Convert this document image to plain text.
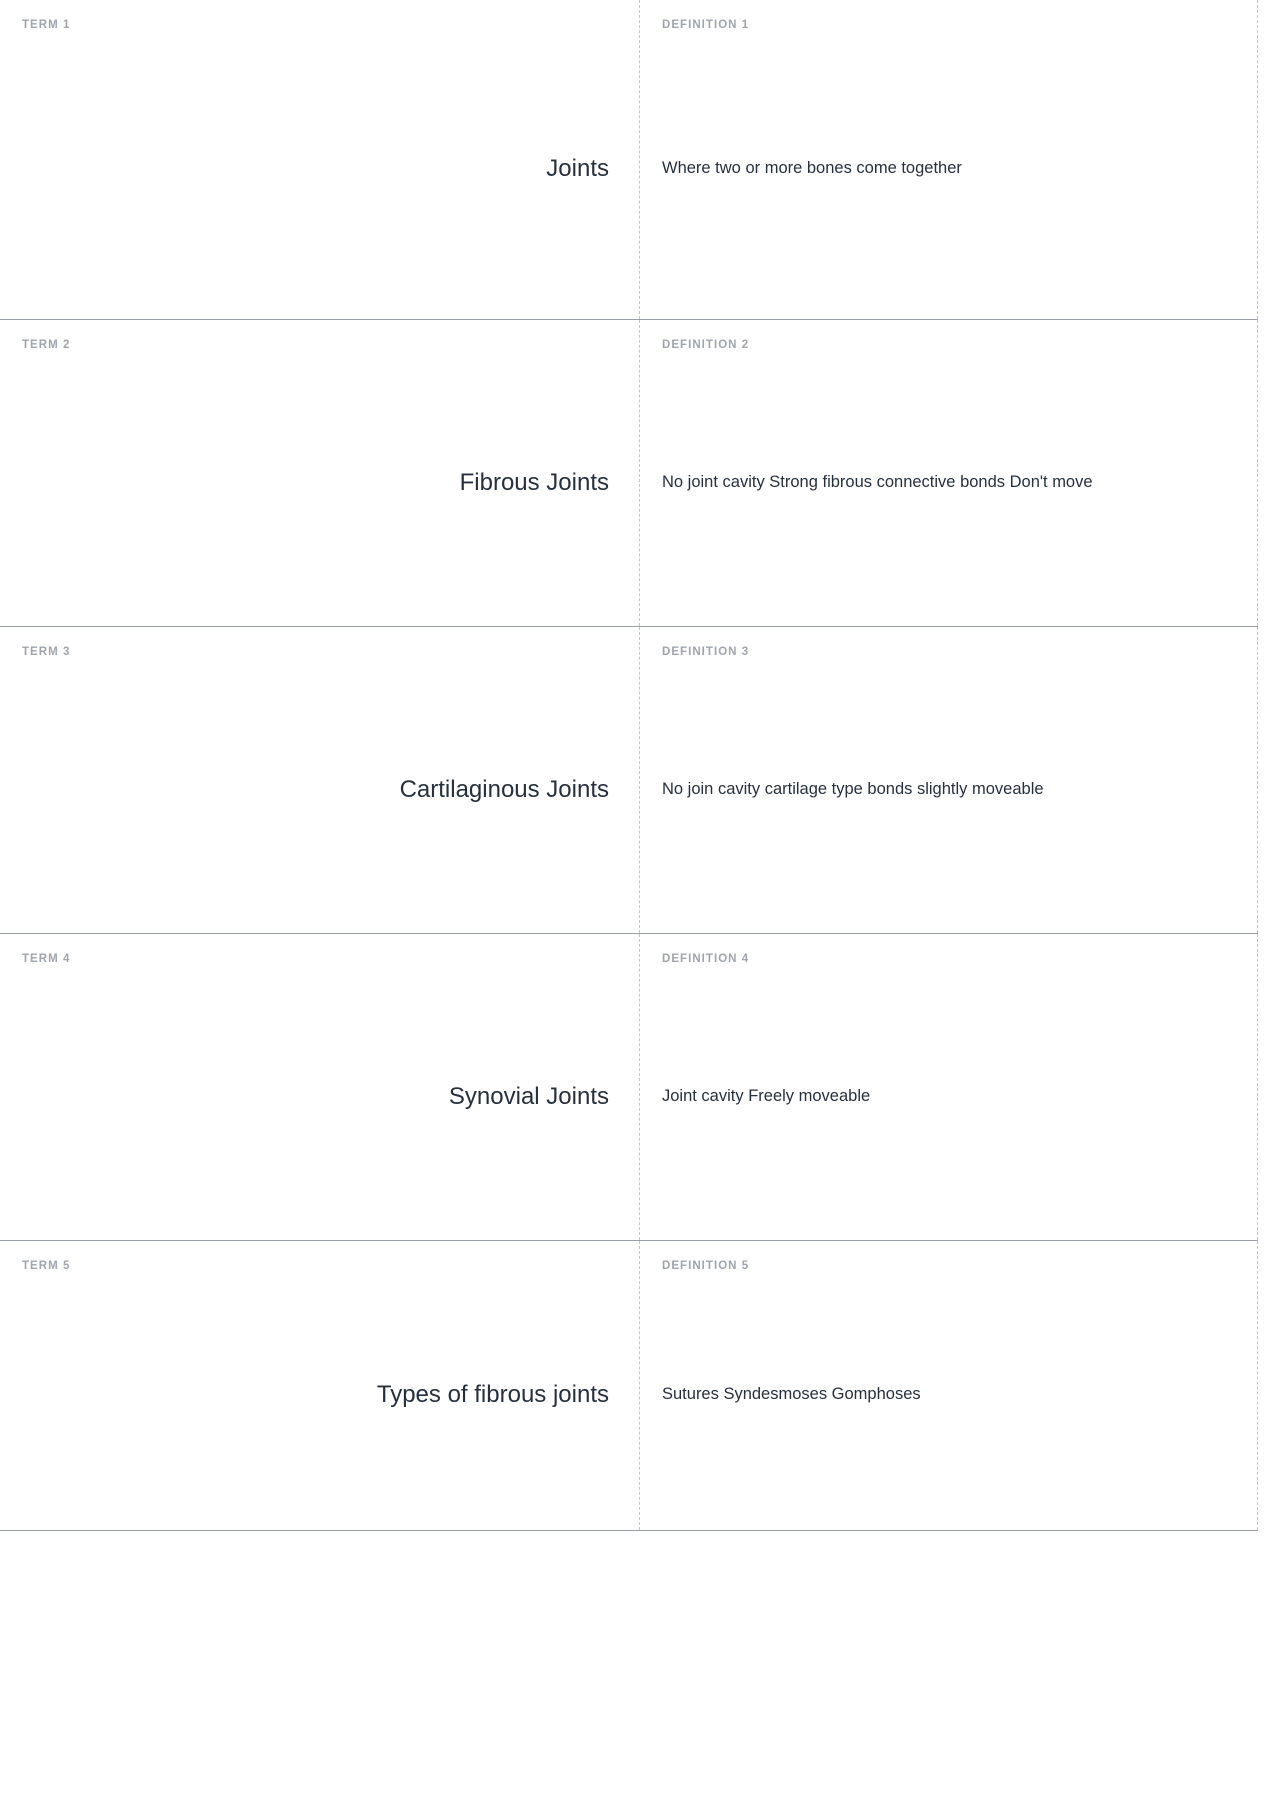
TERM 1
Joints
DEFINITION 1
Where two or more bones come together
TERM 2
Fibrous Joints
DEFINITION 2
No joint cavity Strong fibrous connective bonds Don't move
TERM 3
Cartilaginous Joints
DEFINITION 3
No join cavity cartilage type bonds slightly moveable
TERM 4
Synovial Joints
DEFINITION 4
Joint cavity Freely moveable
TERM 5
Types of fibrous joints
DEFINITION 5
Sutures Syndesmoses Gomphoses
